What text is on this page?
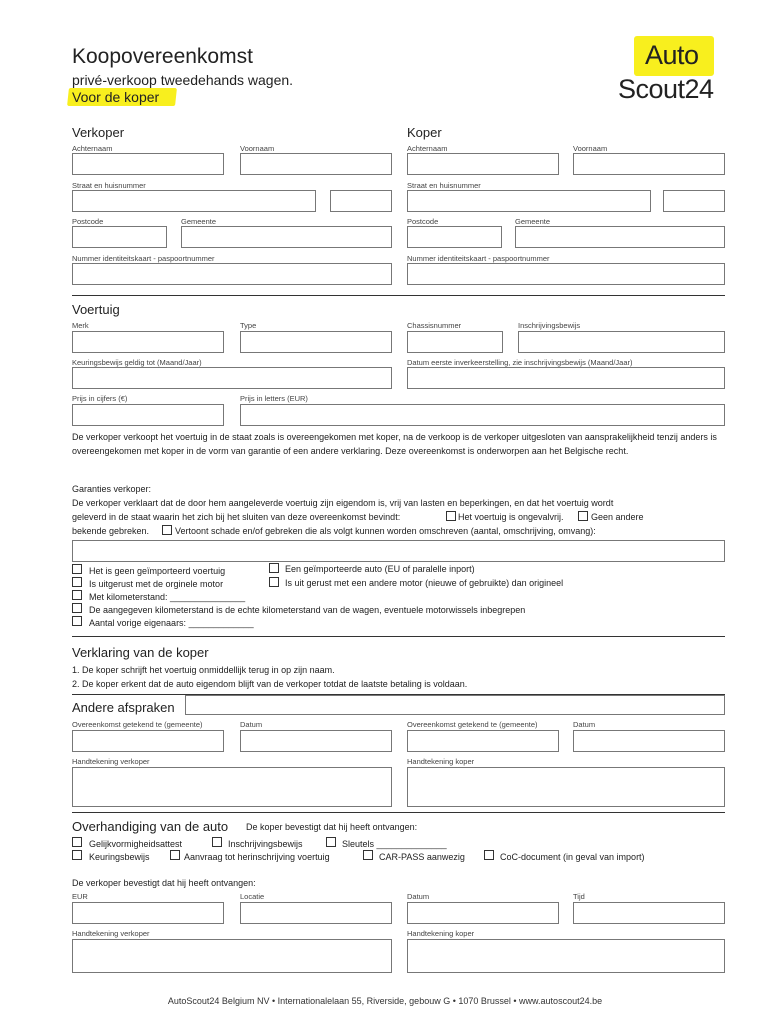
Koopovereenkomst
privé-verkoop tweedehands wagen.
Voor de koper
Auto
Scout24
Verkoper	Koper
Achternaam	Voornaam	Achternaam	Voornaam
Straat en huisnummer	Straat en huisnummer
Postcode	Gemeente	Postcode	Gemeente
Nummer identiteitskaart - paspoortnummer	Nummer identiteitskaart - paspoortnummer
Voertuig
Merk	Type	Chassisnummer	Inschrijvingsbewijs
Keuringsbewijs geldig tot (Maand/Jaar)	Datum eerste inverkeerstelling, zie inschrijvingsbewijs (Maand/Jaar)
Prijs in cijfers (€)	Prijs in letters (EUR)
De verkoper verkoopt het voertuig in de staat zoals is overeengekomen met koper, na de verkoop is de verkoper uitgesloten van aansprakelijkheid tenzij anders is overeengekomen met koper in de vorm van garantie of een andere verklaring. Deze overeenkomst is onderworpen aan het Belgische recht.
Garanties verkoper:
De verkoper verklaart dat de door hem aangeleverde voertuig zijn eigendom is, vrij van lasten en beperkingen, en dat het voertuig wordt
geleverd in de staat waarin het zich bij het sluiten van deze overeenkomst bevindt:	Het voertuig is ongevalvrij.	Geen andere
bekende gebreken.	Vertoont schade en/of gebreken die als volgt kunnen worden omschreven (aantal, omschrijving, omvang):
Het is geen geïmporteerd voertuig	Een geïmporteerde auto (EU of paralelle inport)
Is uitgerust met de orginele motor	Is uit gerust met een andere motor (nieuwe of gebruikte) dan origineel
Met kilometerstand: _______________
De aangegeven kilometerstand is de echte kilometerstand van de wagen, eventuele motorwissels inbegrepen
Aantal vorige eigenaars: _____________
Verklaring van de koper
1. De koper schrijft het voertuig onmiddellijk terug in op zijn naam.
2. De koper erkent dat de auto eigendom blijft van de verkoper totdat de laatste betaling is voldaan.
Andere afspraken
Overeenkomst getekend te (gemeente)	Datum	Overeenkomst getekend te (gemeente)	Datum
Handtekening verkoper	Handtekening koper
Overhandiging van de auto De koper bevestigt dat hij heeft ontvangen:
Gelijkvormigheidsattest	Inschrijvingsbewijs	Sleutels ______________
Keuringsbewijs	Aanvraag tot herinschrijving voertuig	CAR-PASS aanwezig	CoC-document (in geval van import)
De verkoper bevestigt dat hij heeft ontvangen:
EUR	Locatie	Datum	Tijd
Handtekening verkoper	Handtekening koper
AutoScout24 Belgium NV • Internationalelaan 55, Riverside, gebouw G • 1070 Brussel • www.autoscout24.be
